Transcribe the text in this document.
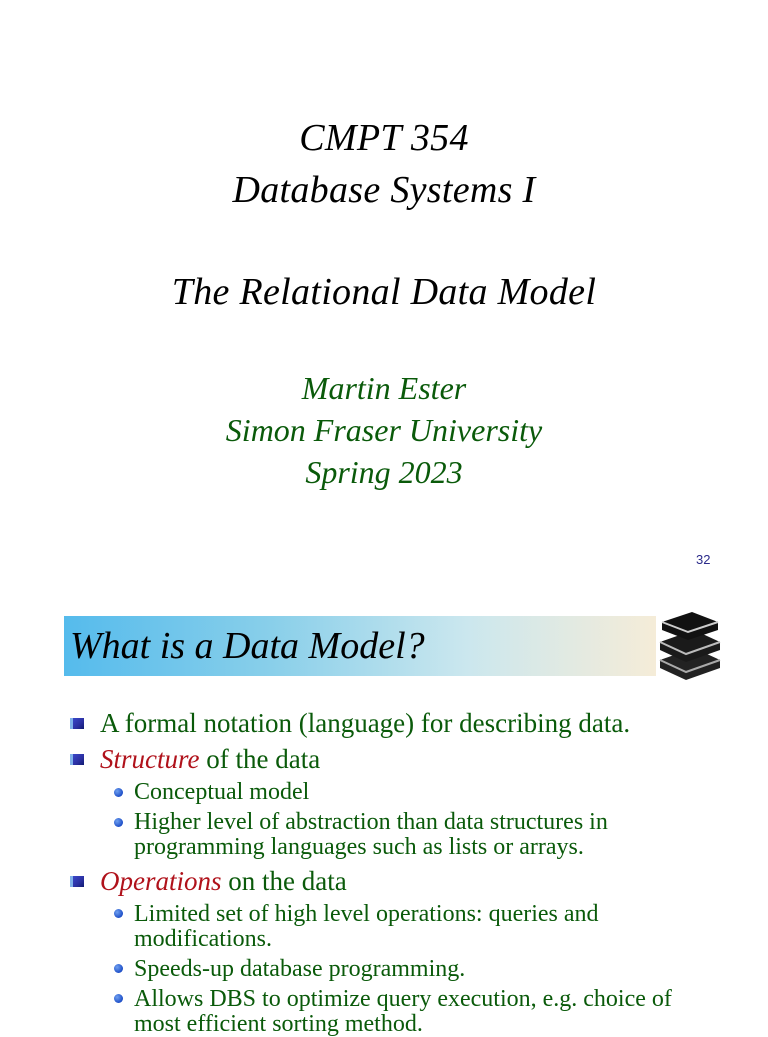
CMPT 354
Database Systems I
The Relational Data Model
Martin Ester
Simon Fraser University
Spring 2023
32
What is a Data Model?
A formal notation (language) for describing data.
Structure of the data
Conceptual model
Higher level of abstraction than data structures in
programming languages such as lists or arrays.
Operations on the data
Limited set of high level operations: queries and
modifications.
Speeds-up database programming.
Allows DBS to optimize query execution, e.g. choice of
most efficient sorting method.
